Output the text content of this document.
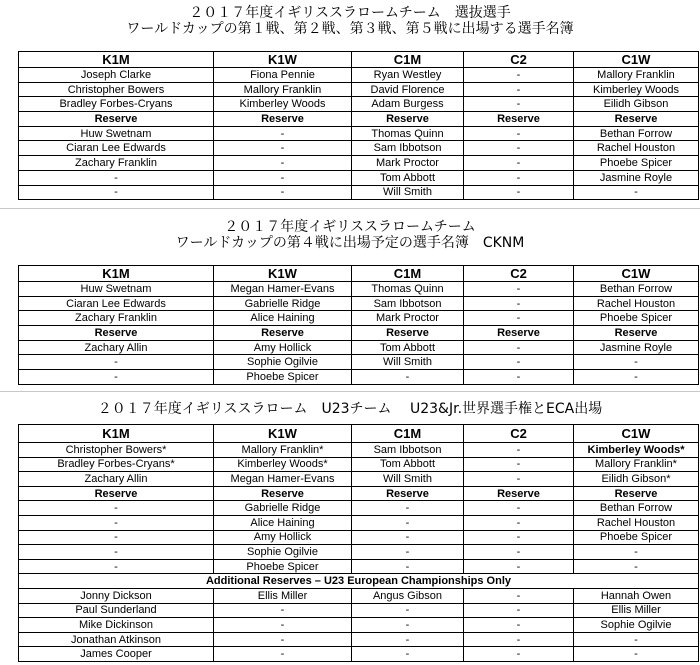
２０１７年度イギリススラロームチーム　選抜選手
ワールドカップの第１戦、第２戦、第３戦、第５戦に出場する選手名簿
K1M	K1W	C1M	C2	C1W
Joseph Clarke	Fiona Pennie	Ryan Westley	-	Mallory Franklin
Christopher Bowers	Mallory Franklin	David Florence	-	Kimberley Woods
Bradley Forbes-Cryans	Kimberley Woods	Adam Burgess	-	Eilidh Gibson
Reserve	Reserve	Reserve	Reserve	Reserve
Huw Swetnam	-	Thomas Quinn	-	Bethan Forrow
Ciaran Lee Edwards	-	Sam Ibbotson	-	Rachel Houston
Zachary Franklin	-	Mark Proctor	-	Phoebe Spicer
-	-	Tom Abbott	-	Jasmine Royle
-	-	Will Smith	-	-
２０１７年度イギリススラロームチーム
ワールドカップの第４戦に出場予定の選手名簿　CKNM
K1M	K1W	C1M	C2	C1W
Huw Swetnam	Megan Hamer-Evans	Thomas Quinn	-	Bethan Forrow
Ciaran Lee Edwards	Gabrielle Ridge	Sam Ibbotson	-	Rachel Houston
Zachary Franklin	Alice Haining	Mark Proctor	-	Phoebe Spicer
Reserve	Reserve	Reserve	Reserve	Reserve
Zachary Allin	Amy Hollick	Tom Abbott	-	Jasmine Royle
-	Sophie Ogilvie	Will Smith	-	-
-	Phoebe Spicer	-	-	-
２０１７年度イギリススラローム　U23チーム　 U23&Jr.世界選手権とECA出場
K1M	K1W	C1M	C2	C1W
Christopher Bowers*	Mallory Franklin*	Sam Ibbotson	-	Kimberley Woods*
Bradley Forbes-Cryans*	Kimberley Woods*	Tom Abbott	-	Mallory Franklin*
Zachary Allin	Megan Hamer-Evans	Will Smith	-	Eilidh Gibson*
Reserve	Reserve	Reserve	Reserve	Reserve
-	Gabrielle Ridge	-	-	Bethan Forrow
-	Alice Haining	-	-	Rachel Houston
-	Amy Hollick	-	-	Phoebe Spicer
-	Sophie Ogilvie	-	-	-
-	Phoebe Spicer	-	-	-
Additional Reserves – U23 European Championships Only				
Jonny Dickson	Ellis Miller	Angus Gibson	-	Hannah Owen
Paul Sunderland	-	-	-	Ellis Miller
Mike Dickinson	-	-	-	Sophie Ogilvie
Jonathan Atkinson	-	-	-	-
James Cooper	-	-	-	-
